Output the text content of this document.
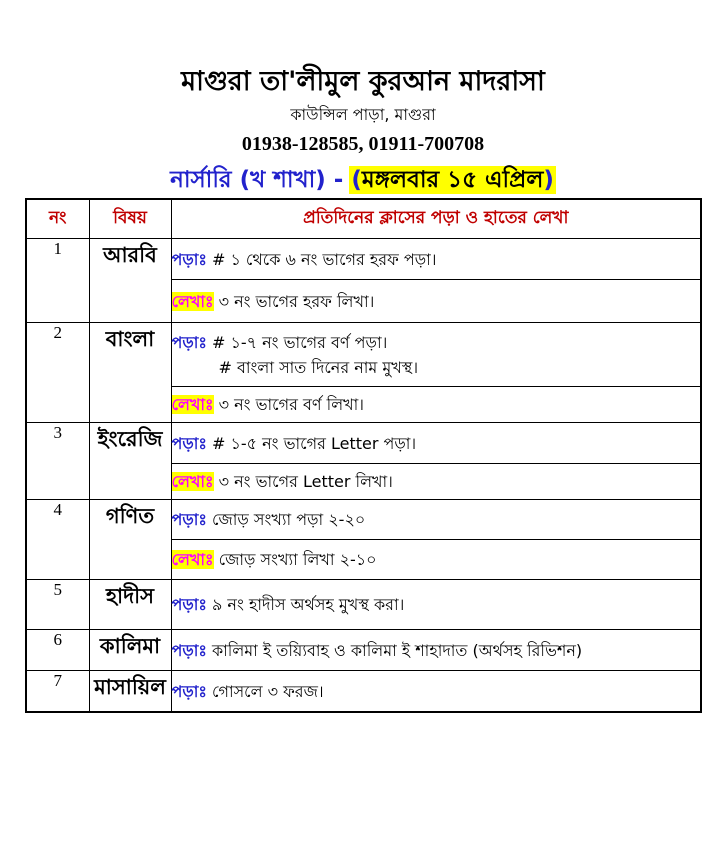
মাগুরা তা'লীমুল কুরআন মাদরাসা
কাউন্সিল পাড়া, মাগুরা
01938-128585, 01911-700708
নার্সারি (খ শাখা) - (মঙ্গলবার ১৫ এপ্রিল)
নং	বিষয়	প্রতিদিনের ক্লাসের পড়া ও হাতের লেখা
1	আরবি	পড়াঃ # ১ থেকে ৬ নং ভাগের হরফ পড়া।
		লেখাঃ ৩ নং ভাগের হরফ লিখা।
2	বাংলা	পড়াঃ # ১-৭ নং ভাগের বর্ণ পড়া।
# বাংলা সাত দিনের নাম মুখস্থ।

		লেখাঃ ৩ নং ভাগের বর্ণ লিখা।
3	ইংরেজি	পড়াঃ # ১-৫ নং ভাগের Letter পড়া।
		লেখাঃ ৩ নং ভাগের Letter লিখা।
4	গণিত	পড়াঃ জোড় সংখ্যা পড়া ২-২০
		লেখাঃ জোড় সংখ্যা লিখা ২-১০
5	হাদীস	পড়াঃ ৯ নং হাদীস অর্থসহ মুখস্থ করা।
6	কালিমা	পড়াঃ কালিমা ই তয়্যিবাহ ও কালিমা ই শাহাদাত (অর্থসহ রিভিশন)
7	মাসায়িল	পড়াঃ গোসলে ৩ ফরজ।
